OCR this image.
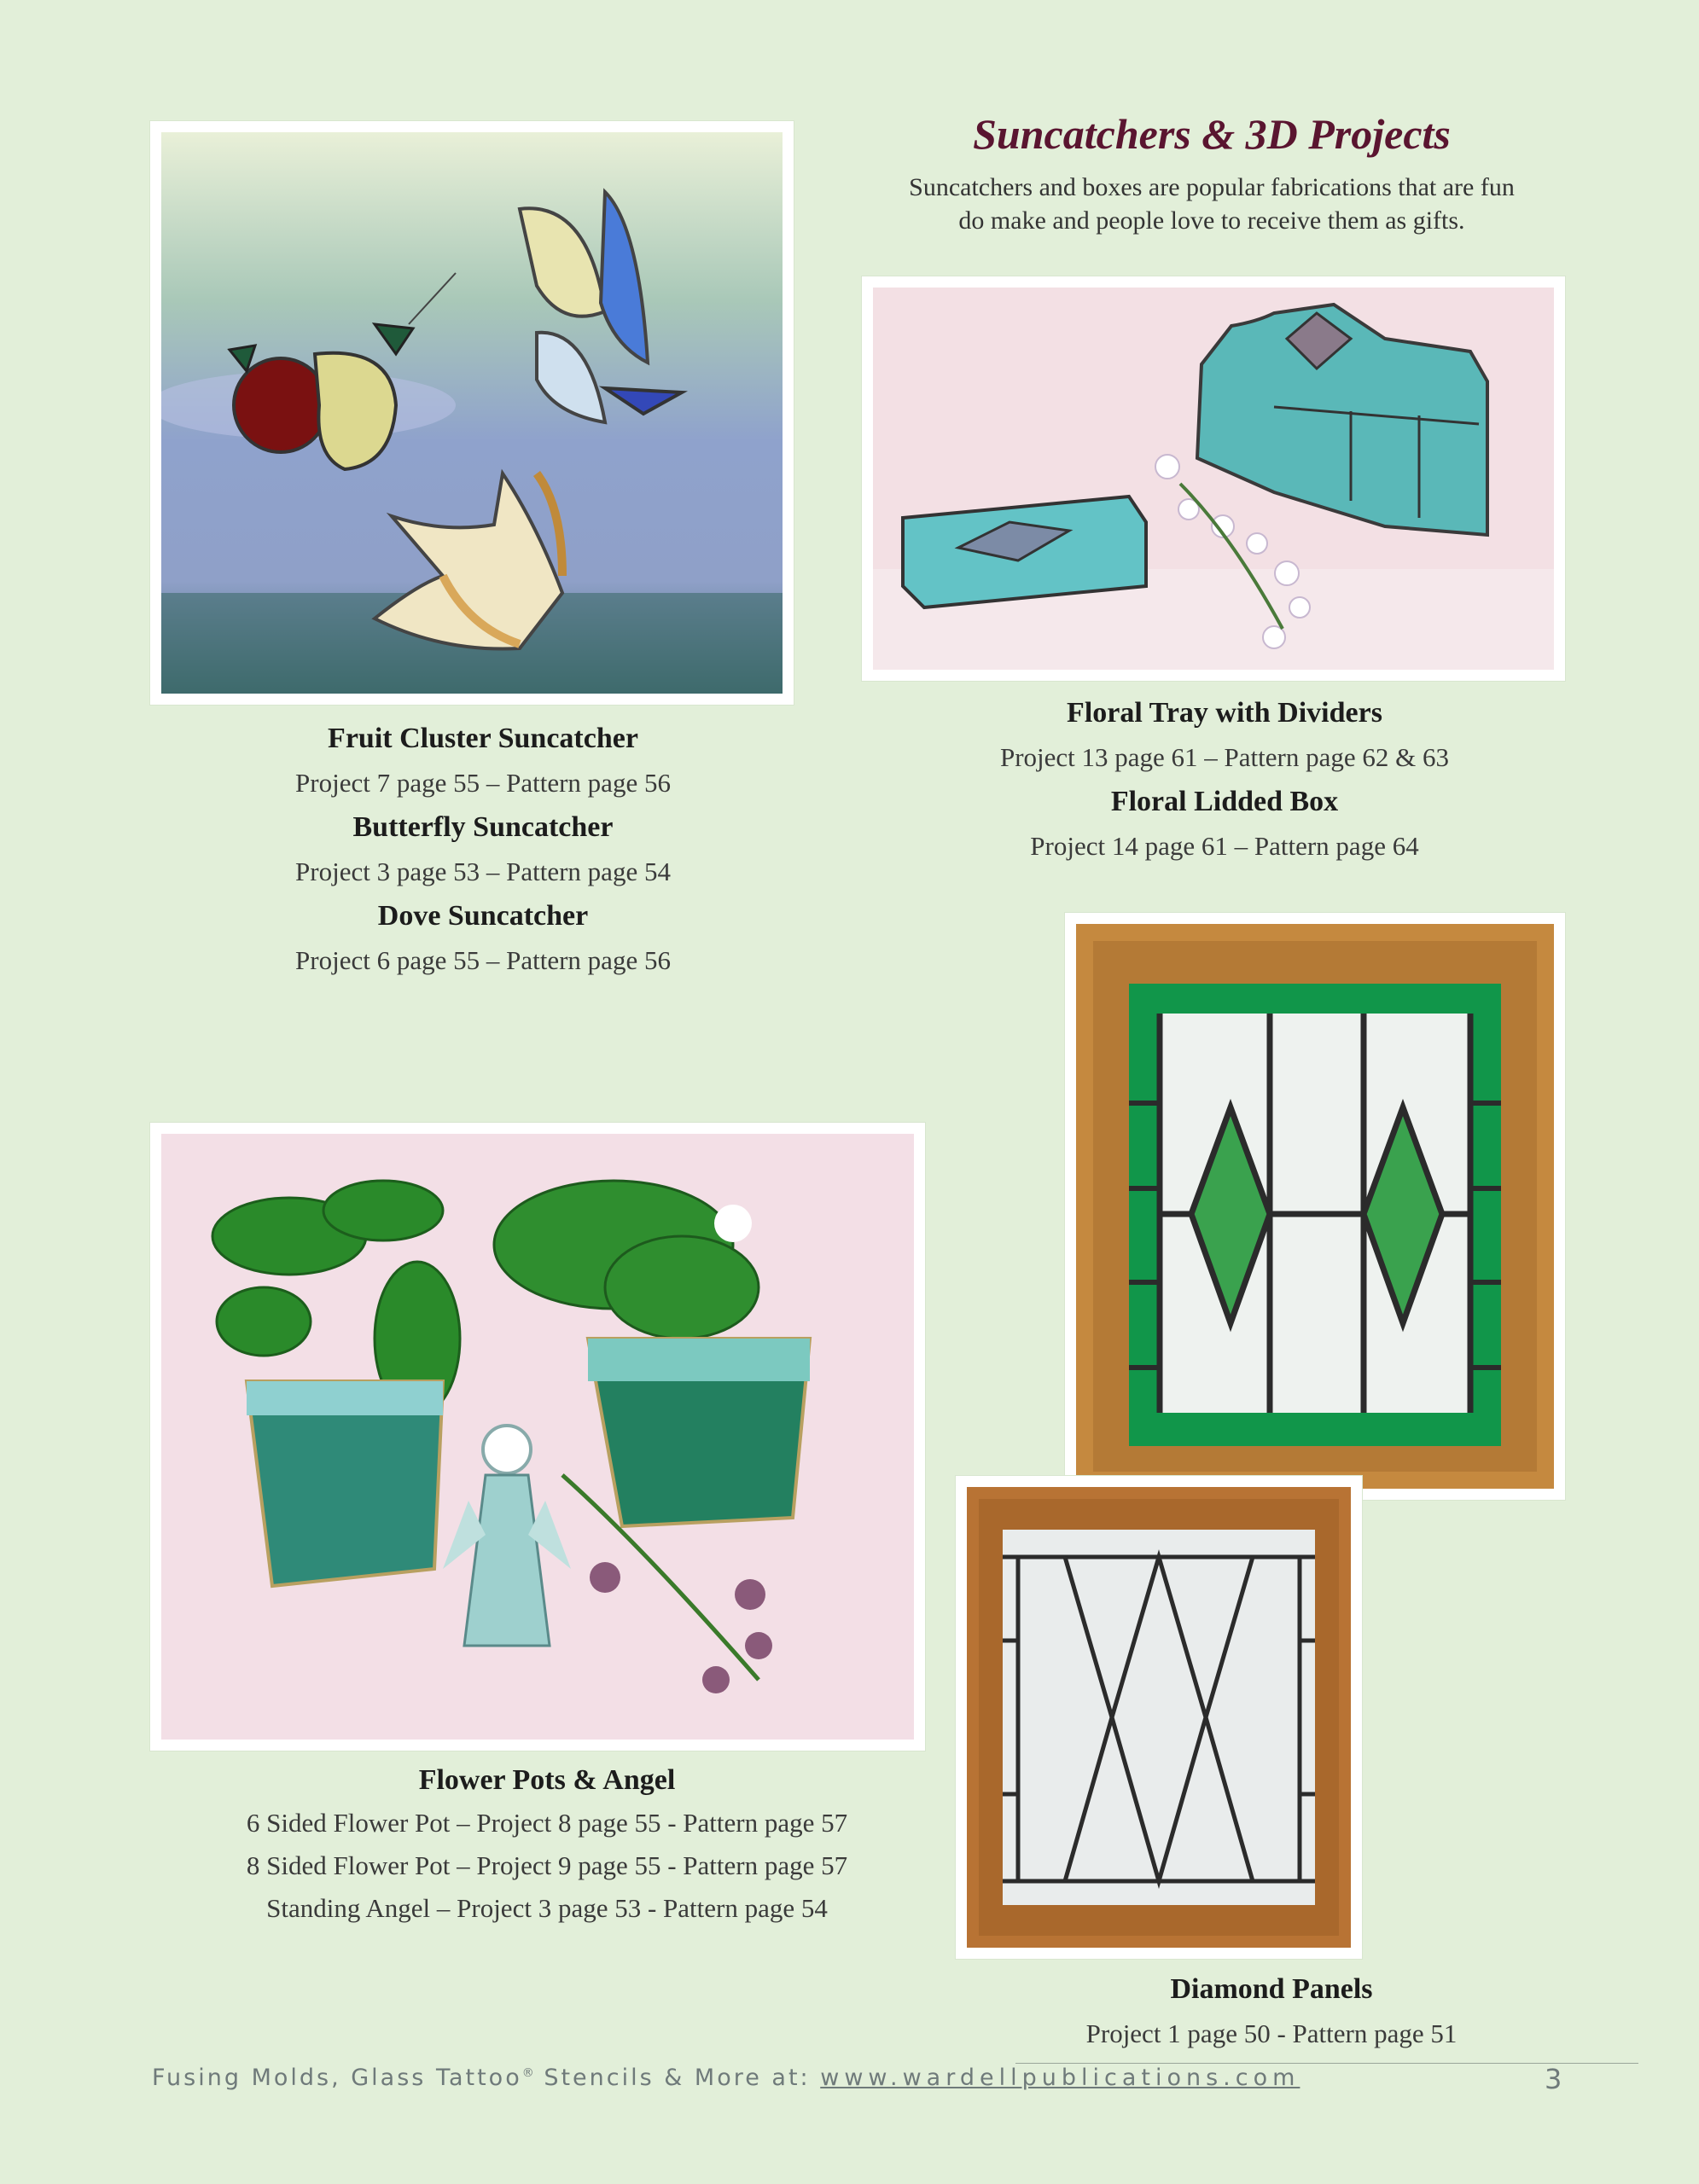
Suncatchers & 3D Projects
Suncatchers and boxes are popular fabrications that are fun
do make and people love to receive them as gifts.
Fruit Cluster Suncatcher
Project 7 page 55 – Pattern page 56
Butterfly Suncatcher
Project 3 page 53 – Pattern page 54
Dove Suncatcher
Project 6 page 55 – Pattern page 56
Floral Tray with Dividers
Project 13 page 61 – Pattern page 62 & 63
Floral Lidded Box
Project 14 page 61 – Pattern page 64
Flower Pots & Angel
6 Sided Flower Pot – Project 8 page 55 - Pattern page 57
8 Sided Flower Pot – Project 9 page 55 - Pattern page 57
Standing Angel – Project 3 page 53 - Pattern page 54
Diamond Panels
Project 1 page 50 - Pattern page 51
Fusing Molds, Glass Tattoo® Stencils & More at: www.wardellpublications.com	3
